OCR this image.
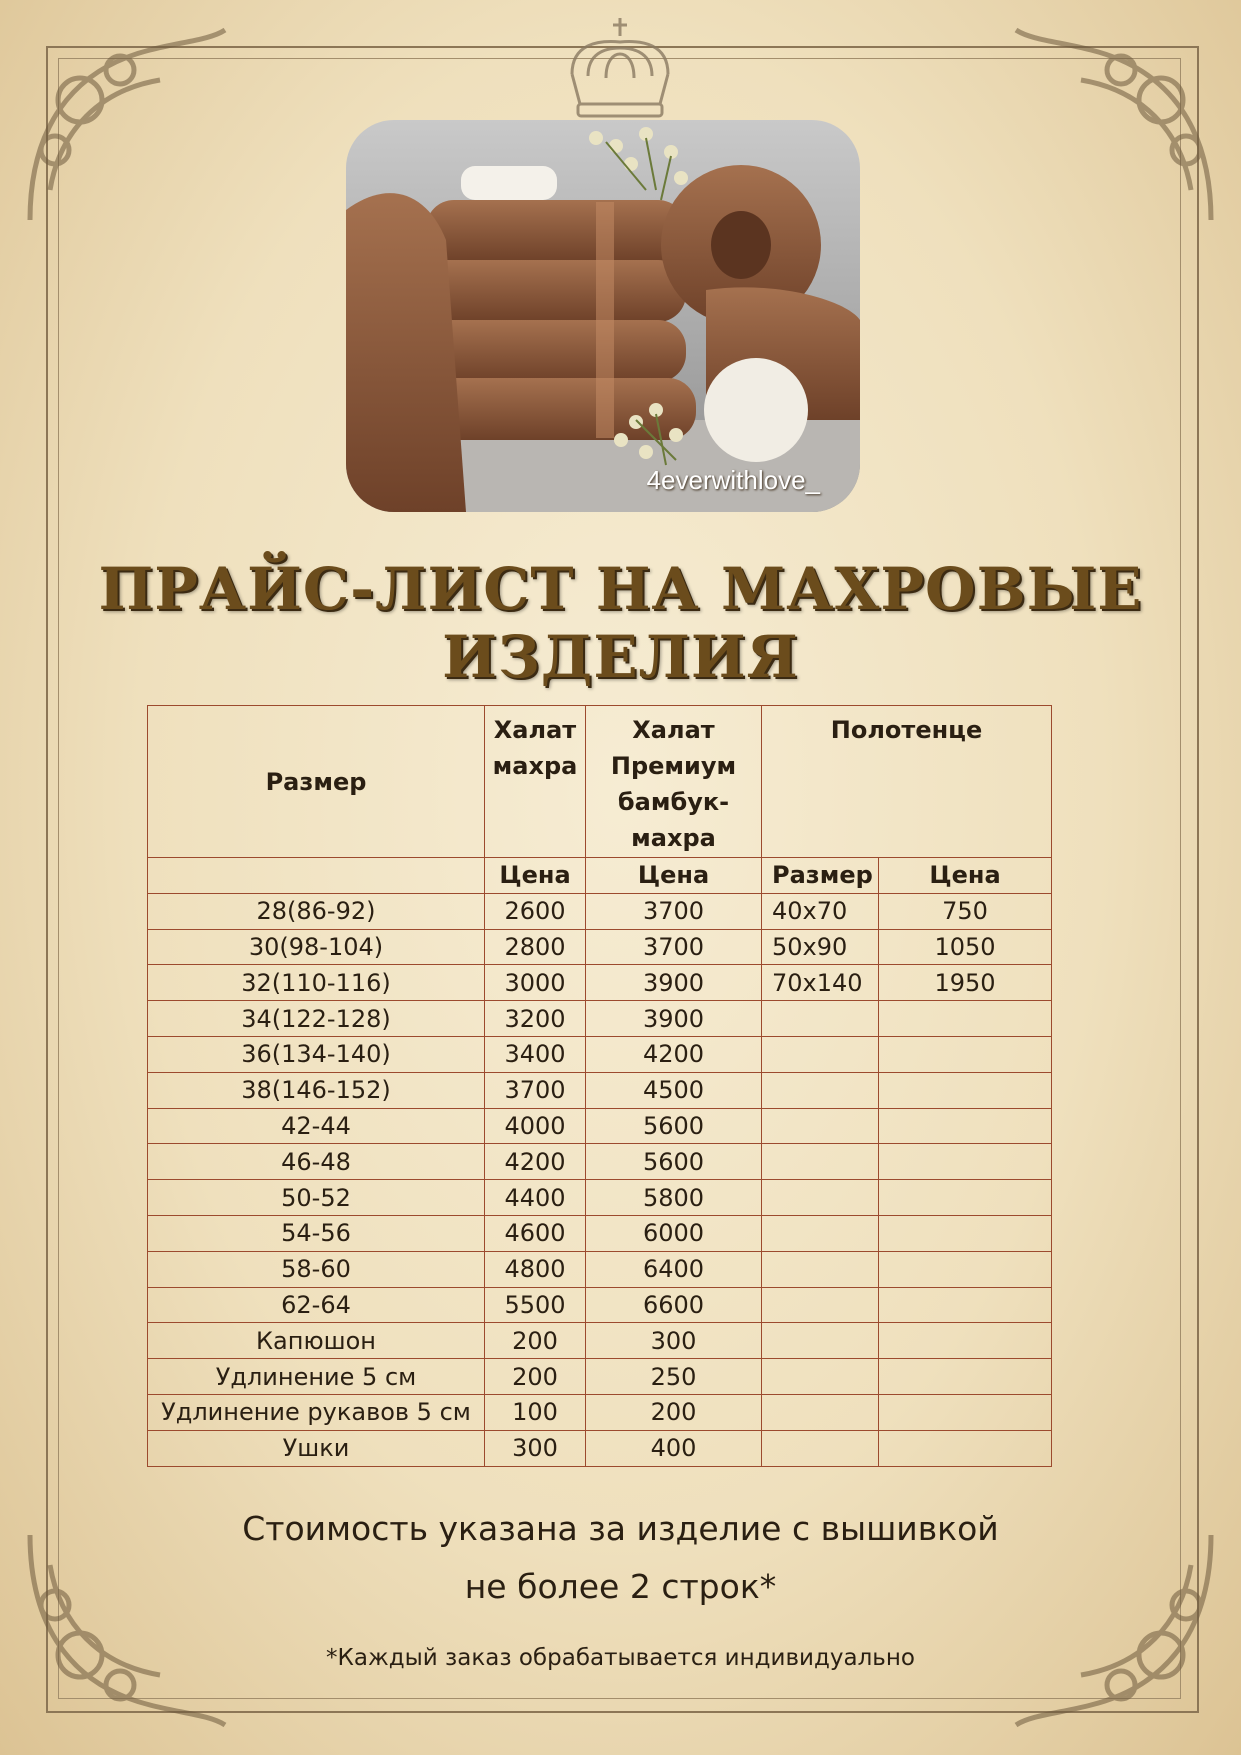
4everwithlove_
ПРАЙС-ЛИСТ НА МАХРОВЫЕ ИЗДЕЛИЯ
Размер	Халат махра	Халат Премиум бамбук-махра	Полотенце	
	Цена	Цена	Размер	Цена
28(86-92)	2600	3700	40x70	750
30(98-104)	2800	3700	50x90	1050
32(110-116)	3000	3900	70x140	1950
34(122-128)	3200	3900		
36(134-140)	3400	4200		
38(146-152)	3700	4500		
42-44	4000	5600		
46-48	4200	5600		
50-52	4400	5800		
54-56	4600	6000		
58-60	4800	6400		
62-64	5500	6600		
Капюшон	200	300		
Удлинение 5 см	200	250		
Удлинение рукавов 5 см	100	200		
Ушки	300	400		
Стоимость указана за изделие с вышивкой
не более 2 строк*
*Каждый заказ обрабатывается индивидуально
